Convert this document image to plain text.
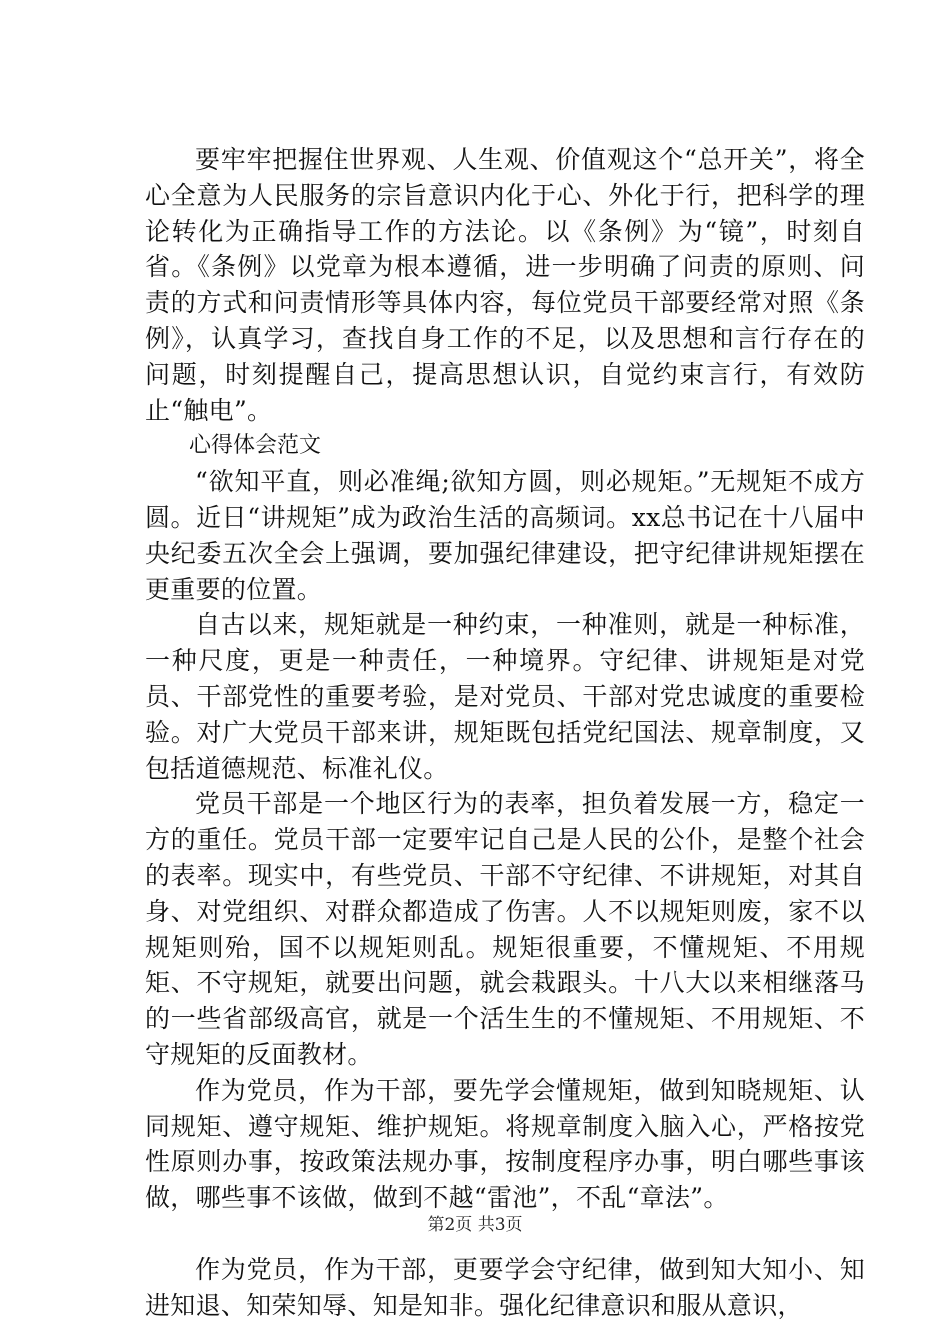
要牢牢把握住世界观、人生观、价值观这个“总开关”，将全心全意为人民服务的宗旨意识内化于心、外化于行，把科学的理论转化为正确指导工作的方法论。以《条例》为“镜”，时刻自省。《条例》以党章为根本遵循，进一步明确了问责的原则、问责的方式和问责情形等具体内容，每位党员干部要经常对照《条例》，认真学习，查找自身工作的不足，以及思想和言行存在的问题，时刻提醒自己，提高思想认识，自觉约束言行，有效防止“触电”。

心得体会范文

“欲知平直，则必准绳;欲知方圆，则必规矩。”无规矩不成方圆。近日“讲规矩”成为政治生活的高频词。xx总书记在十八届中央纪委五次全会上强调，要加强纪律建设，把守纪律讲规矩摆在更重要的位置。

自古以来，规矩就是一种约束，一种准则，就是一种标准，一种尺度，更是一种责任，一种境界。守纪律、讲规矩是对党员、干部党性的重要考验，是对党员、干部对党忠诚度的重要检验。对广大党员干部来讲，规矩既包括党纪国法、规章制度，又包括道德规范、标准礼仪。

党员干部是一个地区行为的表率，担负着发展一方，稳定一方的重任。党员干部一定要牢记自己是人民的公仆，是整个社会的表率。现实中，有些党员、干部不守纪律、不讲规矩，对其自身、对党组织、对群众都造成了伤害。人不以规矩则废，家不以规矩则殆，国不以规矩则乱。规矩很重要，不懂规矩、不用规矩、不守规矩，就要出问题，就会栽跟头。十八大以来相继落马的一些省部级高官，就是一个活生生的不懂规矩、不用规矩、不守规矩的反面教材。

作为党员，作为干部，要先学会懂规矩，做到知晓规矩、认同规矩、遵守规矩、维护规矩。将规章制度入脑入心，严格按党性原则办事，按政策法规办事，按制度程序办事，明白哪些事该做，哪些事不该做，做到不越“雷池”，不乱“章法”。

作为党员，作为干部，更要学会守纪律，做到知大知小、知进知退、知荣知辱、知是知非。强化纪律意识和服从意识，

第2页 共3页
